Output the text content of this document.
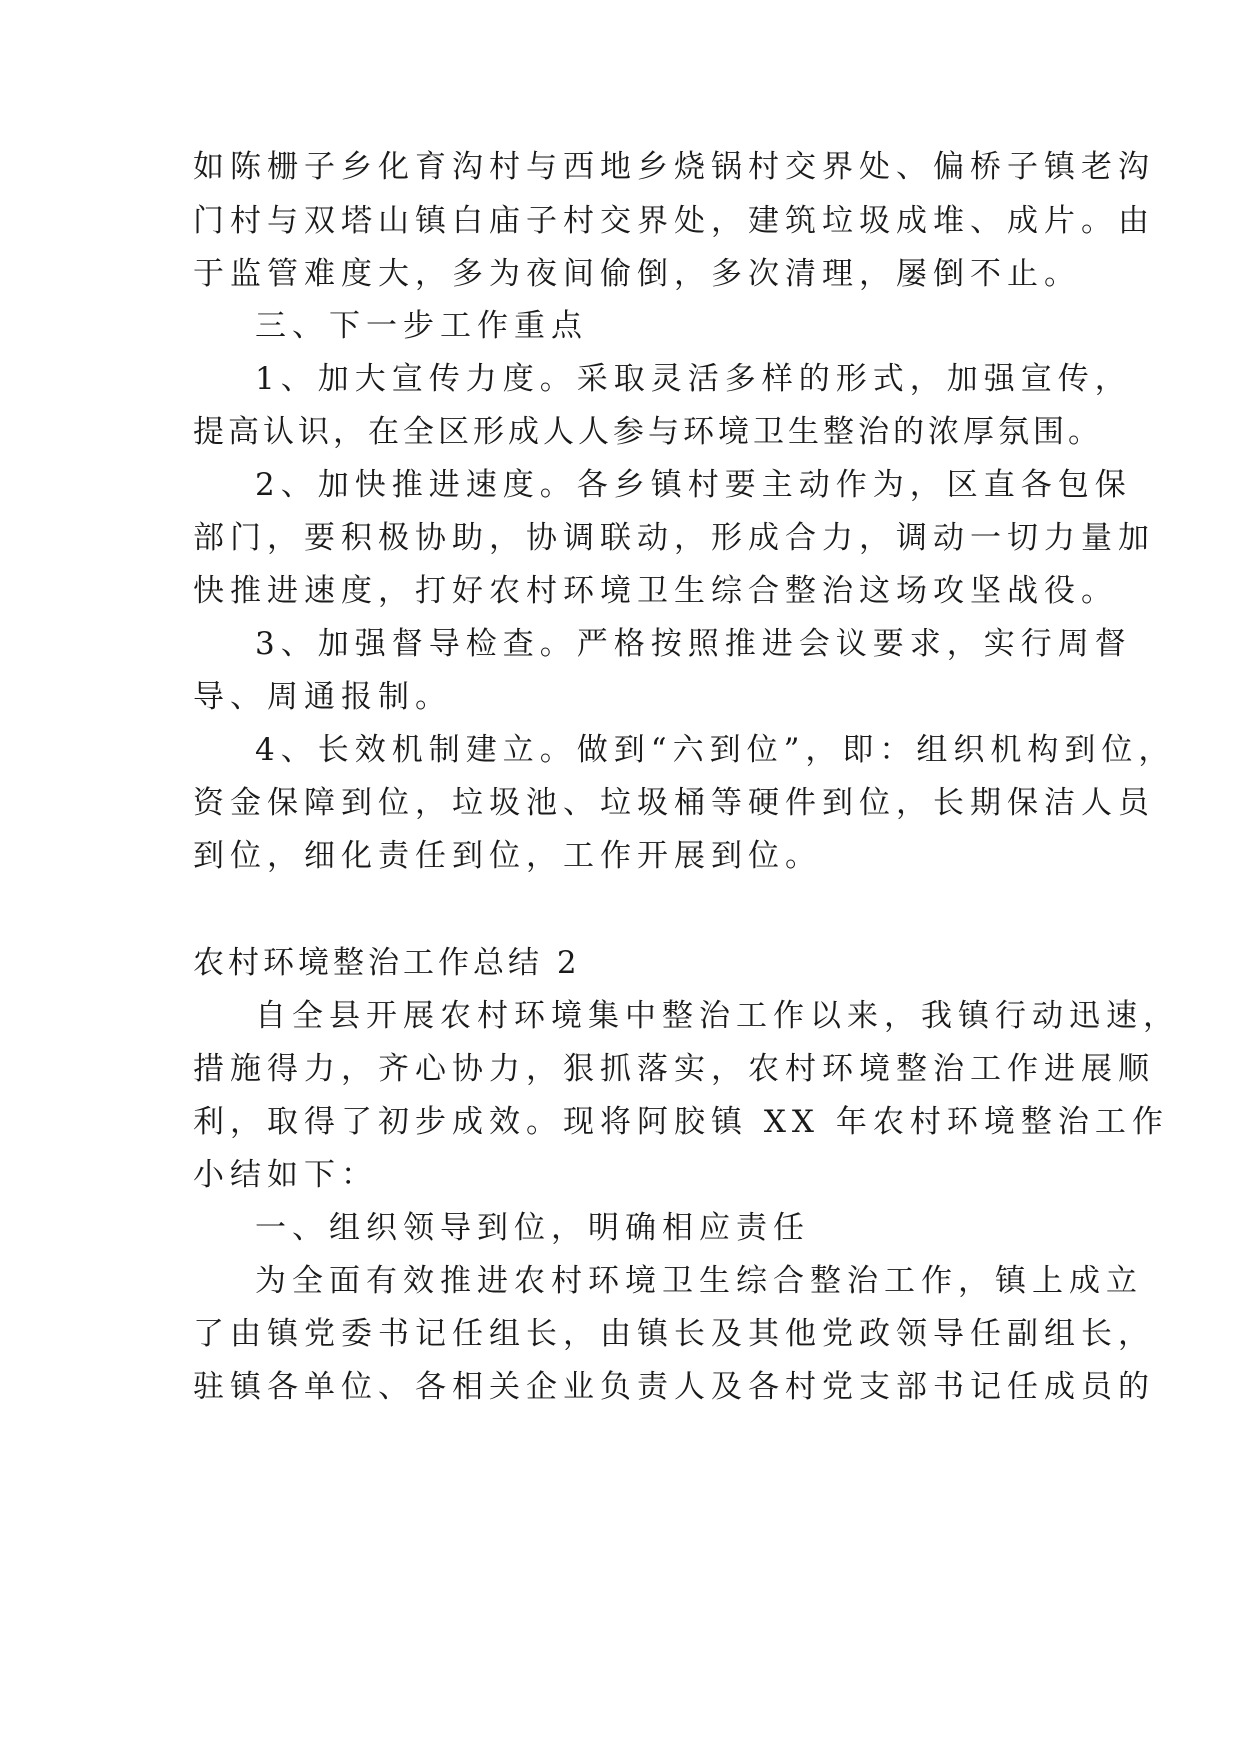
如陈栅子乡化育沟村与西地乡烧锅村交界处、偏桥子镇老沟
门村与双塔山镇白庙子村交界处，建筑垃圾成堆、成片。由
于监管难度大，多为夜间偷倒，多次清理，屡倒不止。
三、下一步工作重点
1、加大宣传力度。采取灵活多样的形式，加强宣传，
提高认识，在全区形成人人参与环境卫生整治的浓厚氛围。
2、加快推进速度。各乡镇村要主动作为，区直各包保
部门，要积极协助，协调联动，形成合力，调动一切力量加
快推进速度，打好农村环境卫生综合整治这场攻坚战役。
3、加强督导检查。严格按照推进会议要求，实行周督
导、周通报制。
4、长效机制建立。做到“六到位”，即：组织机构到位，
资金保障到位，垃圾池、垃圾桶等硬件到位，长期保洁人员
到位，细化责任到位，工作开展到位。
农村环境整治工作总结 2
自全县开展农村环境集中整治工作以来，我镇行动迅速，
措施得力，齐心协力，狠抓落实，农村环境整治工作进展顺
利，取得了初步成效。现将阿胶镇 XX 年农村环境整治工作
小结如下：
一、组织领导到位，明确相应责任
为全面有效推进农村环境卫生综合整治工作，镇上成立
了由镇党委书记任组长，由镇长及其他党政领导任副组长，
驻镇各单位、各相关企业负责人及各村党支部书记任成员的
